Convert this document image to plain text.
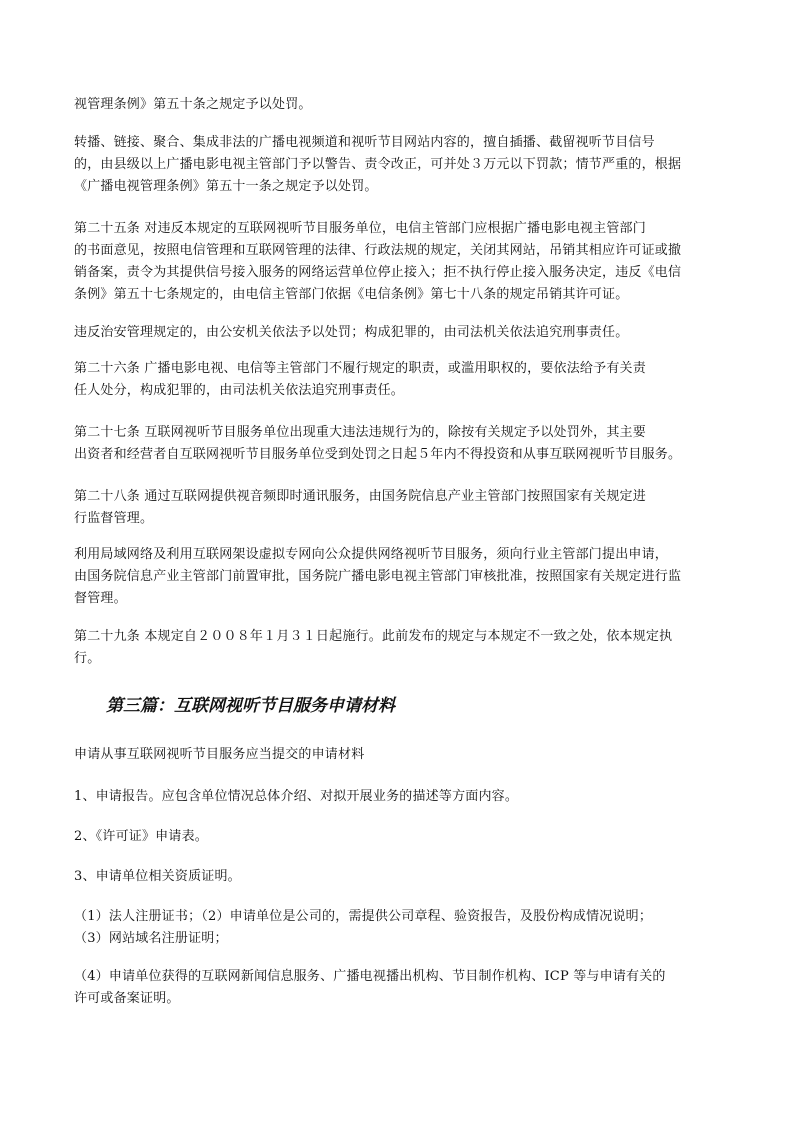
视管理条例》第五十条之规定予以处罚。

转播、链接、聚合、集成非法的广播电视频道和视听节目网站内容的，擅自插播、截留视听节目信号
的，由县级以上广播电影电视主管部门予以警告、责令改正，可并处３万元以下罚款；情节严重的，根据
《广播电视管理条例》第五十一条之规定予以处罚。

第二十五条 对违反本规定的互联网视听节目服务单位，电信主管部门应根据广播电影电视主管部门
的书面意见，按照电信管理和互联网管理的法律、行政法规的规定，关闭其网站，吊销其相应许可证或撤
销备案，责令为其提供信号接入服务的网络运营单位停止接入；拒不执行停止接入服务决定，违反《电信
条例》第五十七条规定的，由电信主管部门依据《电信条例》第七十八条的规定吊销其许可证。

违反治安管理规定的，由公安机关依法予以处罚；构成犯罪的，由司法机关依法追究刑事责任。

第二十六条 广播电影电视、电信等主管部门不履行规定的职责，或滥用职权的，要依法给予有关责
任人处分，构成犯罪的，由司法机关依法追究刑事责任。

第二十七条 互联网视听节目服务单位出现重大违法违规行为的，除按有关规定予以处罚外，其主要
出资者和经营者自互联网视听节目服务单位受到处罚之日起５年内不得投资和从事互联网视听节目服务。

第二十八条 通过互联网提供视音频即时通讯服务，由国务院信息产业主管部门按照国家有关规定进
行监督管理。

利用局域网络及利用互联网架设虚拟专网向公众提供网络视听节目服务，须向行业主管部门提出申请，
由国务院信息产业主管部门前置审批，国务院广播电影电视主管部门审核批准，按照国家有关规定进行监
督管理。

第二十九条 本规定自２００８年１月３１日起施行。此前发布的规定与本规定不一致之处，依本规定执
行。

第三篇：互联网视听节目服务申请材料

申请从事互联网视听节目服务应当提交的申请材料

1、申请报告。应包含单位情况总体介绍、对拟开展业务的描述等方面内容。

2、《许可证》申请表。

3、申请单位相关资质证明。

（1）法人注册证书；（2）申请单位是公司的，需提供公司章程、验资报告，及股份构成情况说明；
（3）网站域名注册证明；

（4）申请单位获得的互联网新闻信息服务、广播电视播出机构、节目制作机构、ICP 等与申请有关的
许可或备案证明。
